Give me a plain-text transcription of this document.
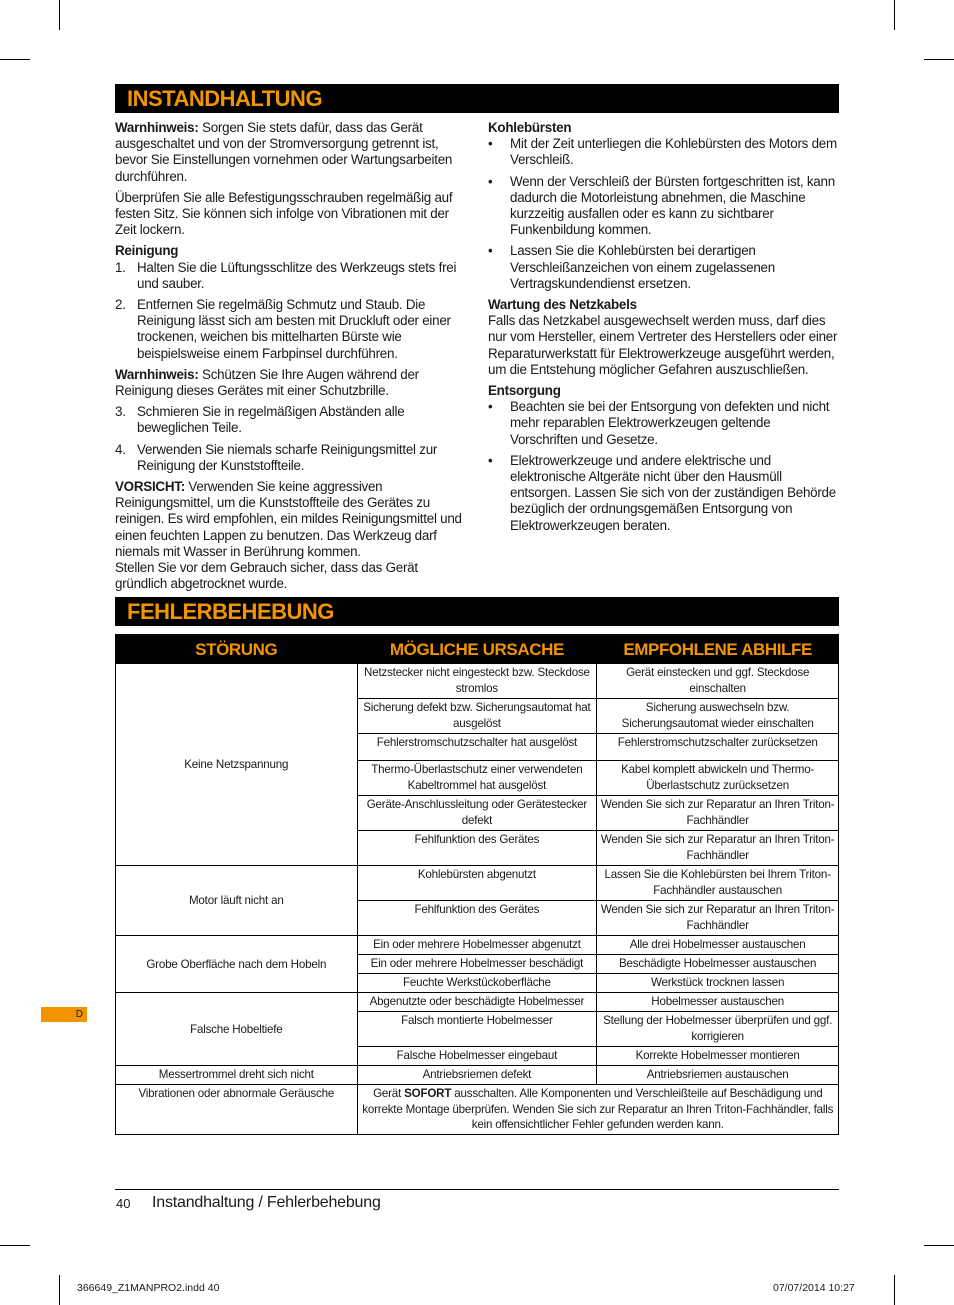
INSTANDHALTUNG

Warnhinweis: Sorgen Sie stets dafür, dass das Gerät ausgeschaltet und von der Stromversorgung getrennt ist, bevor Sie Einstellungen vornehmen oder Wartungsarbeiten durchführen.

Überprüfen Sie alle Befestigungsschrauben regelmäßig auf festen Sitz. Sie können sich infolge von Vibrationen mit der Zeit lockern.

Reinigung

1. Halten Sie die Lüftungsschlitze des Werkzeugs stets frei und sauber.
2. Entfernen Sie regelmäßig Schmutz und Staub. Die Reinigung lässt sich am besten mit Druckluft oder einer trockenen, weichen bis mittelharten Bürste wie beispielsweise einem Farbpinsel durchführen.

Warnhinweis: Schützen Sie Ihre Augen während der Reinigung dieses Gerätes mit einer Schutzbrille.

3. Schmieren Sie in regelmäßigen Abständen alle beweglichen Teile.
4. Verwenden Sie niemals scharfe Reinigungsmittel zur Reinigung der Kunststoffteile.

VORSICHT: Verwenden Sie keine aggressiven Reinigungsmittel, um die Kunststoffteile des Gerätes zu reinigen. Es wird empfohlen, ein mildes Reinigungsmittel und einen feuchten Lappen zu benutzen. Das Werkzeug darf niemals mit Wasser in Berührung kommen.

Stellen Sie vor dem Gebrauch sicher, dass das Gerät gründlich abgetrocknet wurde.

Kohlebürsten

• Mit der Zeit unterliegen die Kohlebürsten des Motors dem Verschleiß.
• Wenn der Verschleiß der Bürsten fortgeschritten ist, kann dadurch die Motorleistung abnehmen, die Maschine kurzzeitig ausfallen oder es kann zu sichtbarer Funkenbildung kommen.
• Lassen Sie die Kohlebürsten bei derartigen Verschleißanzeichen von einem zugelassenen Vertragskundendienst ersetzen.

Wartung des Netzkabels

Falls das Netzkabel ausgewechselt werden muss, darf dies nur vom Hersteller, einem Vertreter des Herstellers oder einer Reparaturwerkstatt für Elektrowerkzeuge ausgeführt werden, um die Entstehung möglicher Gefahren auszuschließen.

Entsorgung

• Beachten sie bei der Entsorgung von defekten und nicht mehr reparablen Elektrowerkzeugen geltende Vorschriften und Gesetze.
• Elektrowerkzeuge und andere elektrische und elektronische Altgeräte nicht über den Hausmüll entsorgen. Lassen Sie sich von der zuständigen Behörde bezüglich der ordnungsgemäßen Entsorgung von Elektrowerkzeugen beraten.
FEHLERBEHEBUNG
STÖRUNG	MÖGLICHE URSACHE	EMPFOHLENE ABHILFE
Keine Netzspannung	Netzstecker nicht eingesteckt bzw. Steckdose stromlos	Gerät einstecken und ggf. Steckdose einschalten
	Sicherung defekt bzw. Sicherungsautomat hat ausgelöst	Sicherung auswechseln bzw. Sicherungsautomat wieder einschalten
	Fehlerstromschutzschalter hat ausgelöst	Fehlerstromschutzschalter zurücksetzen
	Thermo-Überlastschutz einer verwendeten Kabeltrommel hat ausgelöst	Kabel komplett abwickeln und Thermo-Überlastschutz zurücksetzen
	Geräte-Anschlussleitung oder Gerätestecker defekt	Wenden Sie sich zur Reparatur an Ihren Triton-Fachhändler
	Fehlfunktion des Gerätes	Wenden Sie sich zur Reparatur an Ihren Triton-Fachhändler
Motor läuft nicht an	Kohlebürsten abgenutzt	Lassen Sie die Kohlebürsten bei Ihrem Triton-Fachhändler austauschen
	Fehlfunktion des Gerätes	Wenden Sie sich zur Reparatur an Ihren Triton-Fachhändler
Grobe Oberfläche nach dem Hobeln	Ein oder mehrere Hobelmesser abgenutzt	Alle drei Hobelmesser austauschen
	Ein oder mehrere Hobelmesser beschädigt	Beschädigte Hobelmesser austauschen
	Feuchte Werkstückoberfläche	Werkstück trocknen lassen
Falsche Hobeltiefe	Abgenutzte oder beschädigte Hobelmesser	Hobelmesser austauschen
	Falsch montierte Hobelmesser	Stellung der Hobelmesser überprüfen und ggf. korrigieren
	Falsche Hobelmesser eingebaut	Korrekte Hobelmesser montieren
Messertrommel dreht sich nicht	Antriebsriemen defekt	Antriebsriemen austauschen
Vibrationen oder abnormale Geräusche	Gerät SOFORT ausschalten. Alle Komponenten und Verschleißteile auf Beschädigung und korrekte Montage überprüfen. Wenden Sie sich zur Reparatur an Ihren Triton-Fachhändler, falls kein offensichtlicher Fehler gefunden werden kann.	
D
40 Instandhaltung / Fehlerbehebung
366649_Z1MANPRO2.indd 40	07/07/2014 10:27
